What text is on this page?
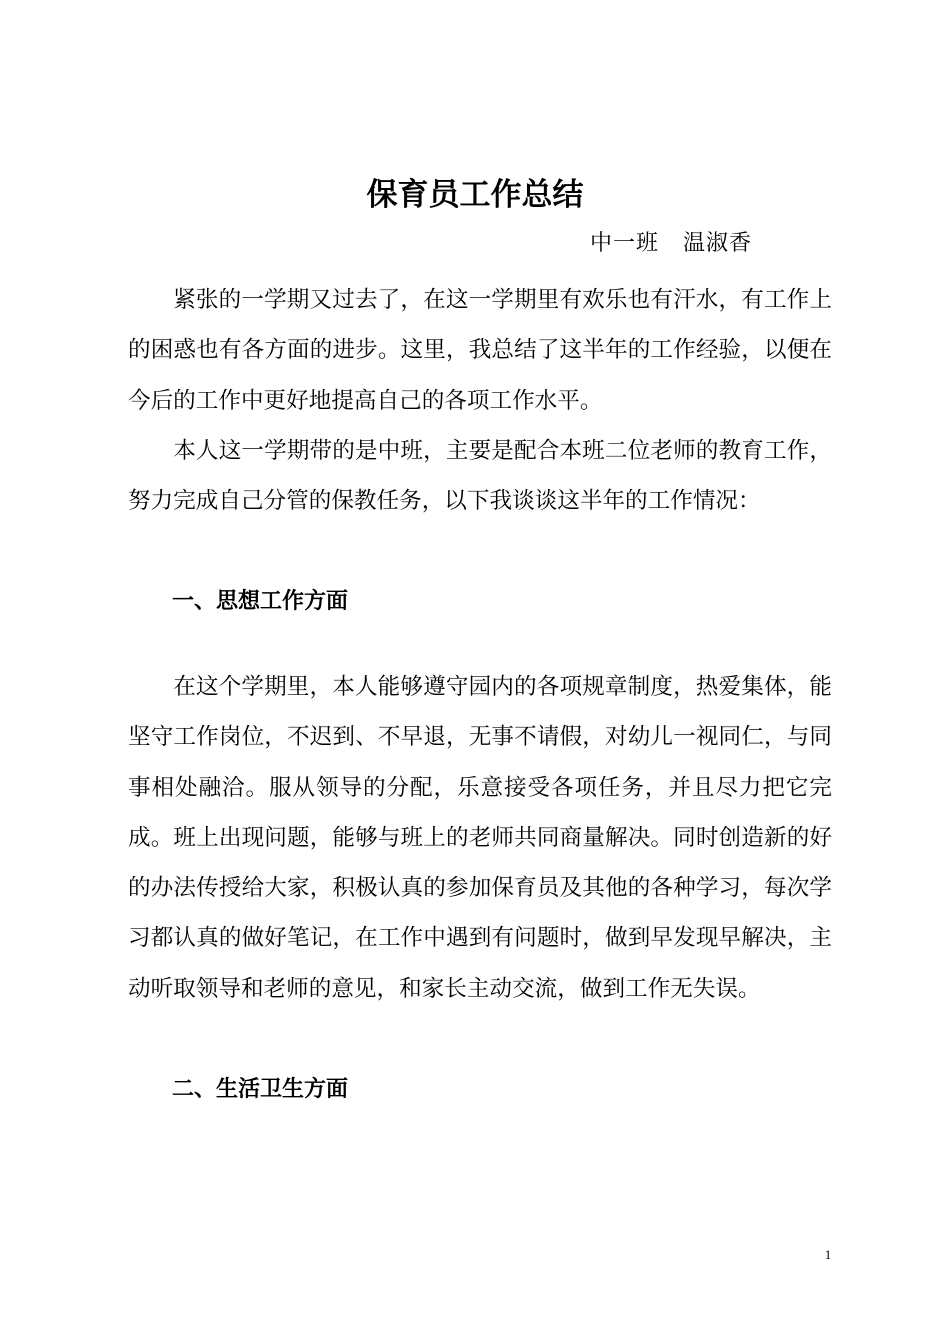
保育员工作总结
中一班   温淑香

紧张的一学期又过去了，在这一学期里有欢乐也有汗水，有工作上的困惑也有各方面的进步。这里，我总结了这半年的工作经验，以便在今后的工作中更好地提高自己的各项工作水平。

本人这一学期带的是中班，主要是配合本班二位老师的教育工作，努力完成自己分管的保教任务，以下我谈谈这半年的工作情况：

一、思想工作方面

在这个学期里，本人能够遵守园内的各项规章制度，热爱集体，能坚守工作岗位，不迟到、不早退，无事不请假，对幼儿一视同仁，与同事相处融洽。服从领导的分配，乐意接受各项任务，并且尽力把它完成。班上出现问题，能够与班上的老师共同商量解决。同时创造新的好的办法传授给大家，积极认真的参加保育员及其他的各种学习，每次学习都认真的做好笔记，在工作中遇到有问题时，做到早发现早解决，主动听取领导和老师的意见，和家长主动交流，做到工作无失误。

二、生活卫生方面
1
